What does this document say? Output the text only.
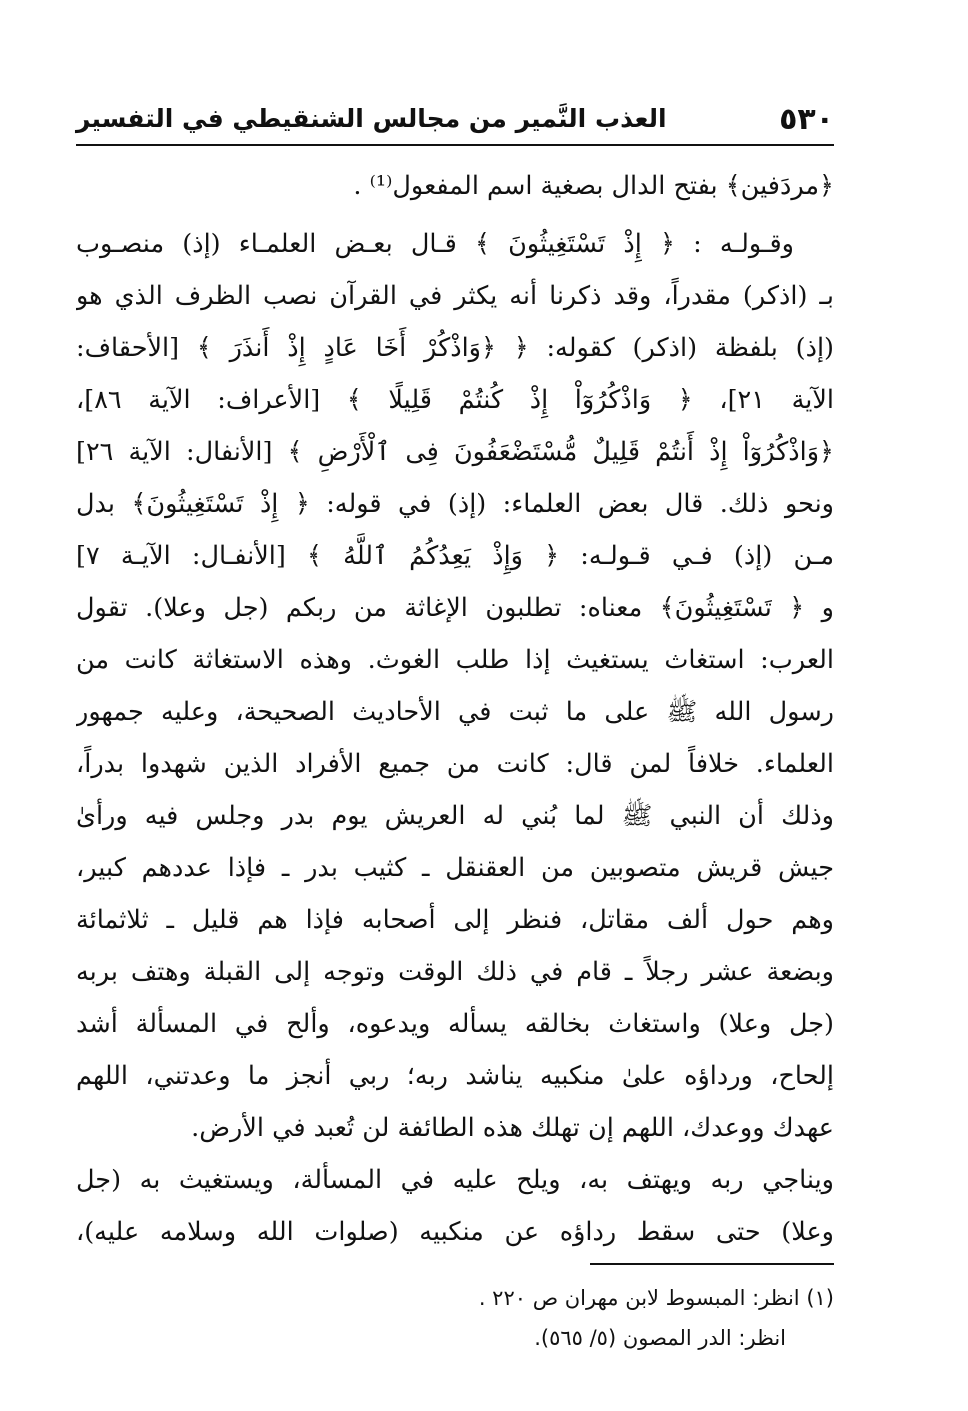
٥٣٠
العذب النَّمير من مجالس الشنقيطي في التفسير
﴿مردَفين﴾ بفتح الدال بصغية اسم المفعول⁽¹⁾ .
وقـولـه : ﴿ إِذْ تَسْتَغِيثُونَ ﴾ قـال بعـض العلمـاء (إذ) منصـوب
بـ (اذكر) مقدراً، وقد ذكرنا أنه يكثر في القرآن نصب الظرف الذي هو
(إذ) بلفظة (اذكر) كقوله: ﴿ ﴿وَاذْكُرْ أَخَا عَادٍ إِذْ أَنذَرَ ﴾ [الأحقاف:
الآية ٢١]، ﴿ وَاذْكُرُوٓاْ إِذْ كُنتُمْ قَلِيلًا ﴾ [الأعراف: الآية ٨٦]،
﴿وَاذْكُرُوٓاْ إِذْ أَنتُمْ قَلِيلٌ مُّسْتَضْعَفُونَ فِى ٱلْأَرْضِ ﴾ [الأنفال: الآية ٢٦]
ونحو ذلك. قال بعض العلماء: (إذ) في قوله: ﴿ إِذْ تَسْتَغِيثُونَ﴾ بدل
مـن (إذ) فـي قـولـه: ﴿ وَإِذْ يَعِدُكُمُ ٱللَّهُ ﴾ [الأنفـال: الآيـة ٧]
و ﴿ تَسْتَغِيثُونَ﴾ معناه: تطلبون الإغاثة من ربكم (جل وعلا). تقول
العرب: استغاث يستغيث إذا طلب الغوث. وهذه الاستغاثة كانت من
رسول الله ﷺ على ما ثبت في الأحاديث الصحيحة، وعليه جمهور
العلماء. خلافاً لمن قال: كانت من جميع الأفراد الذين شهدوا بدراً،
وذلك أن النبي ﷺ لما بُني له العريش يوم بدر وجلس فيه ورأىٰ
جيش قريش متصوبين من العقنقل ـ كثيب بدر ـ فإذا عددهم كبير،
وهم حول ألف مقاتل، فنظر إلى أصحابه فإذا هم قليل ـ ثلاثمائة
وبضعة عشر رجلاً ـ قام في ذلك الوقت وتوجه إلى القبلة وهتف بربه
(جل وعلا) واستغاث بخالقه يسأله ويدعوه، وألح في المسألة أشد
إلحاح، ورداؤه علىٰ منكبيه يناشد ربه؛ ربي أنجز ما وعدتني، اللهم
عهدك ووعدك، اللهم إن تهلك هذه الطائفة لن تُعبد في الأرض.
ويناجي ربه ويهتف به، ويلح عليه في المسألة، ويستغيث به (جل
وعلا) حتى سقط رداؤه عن منكبيه (صلوات الله وسلامه عليه)،
(١) انظر: المبسوط لابن مهران ص ٢٢٠ .
انظر: الدر المصون (٥/ ٥٦٥).
